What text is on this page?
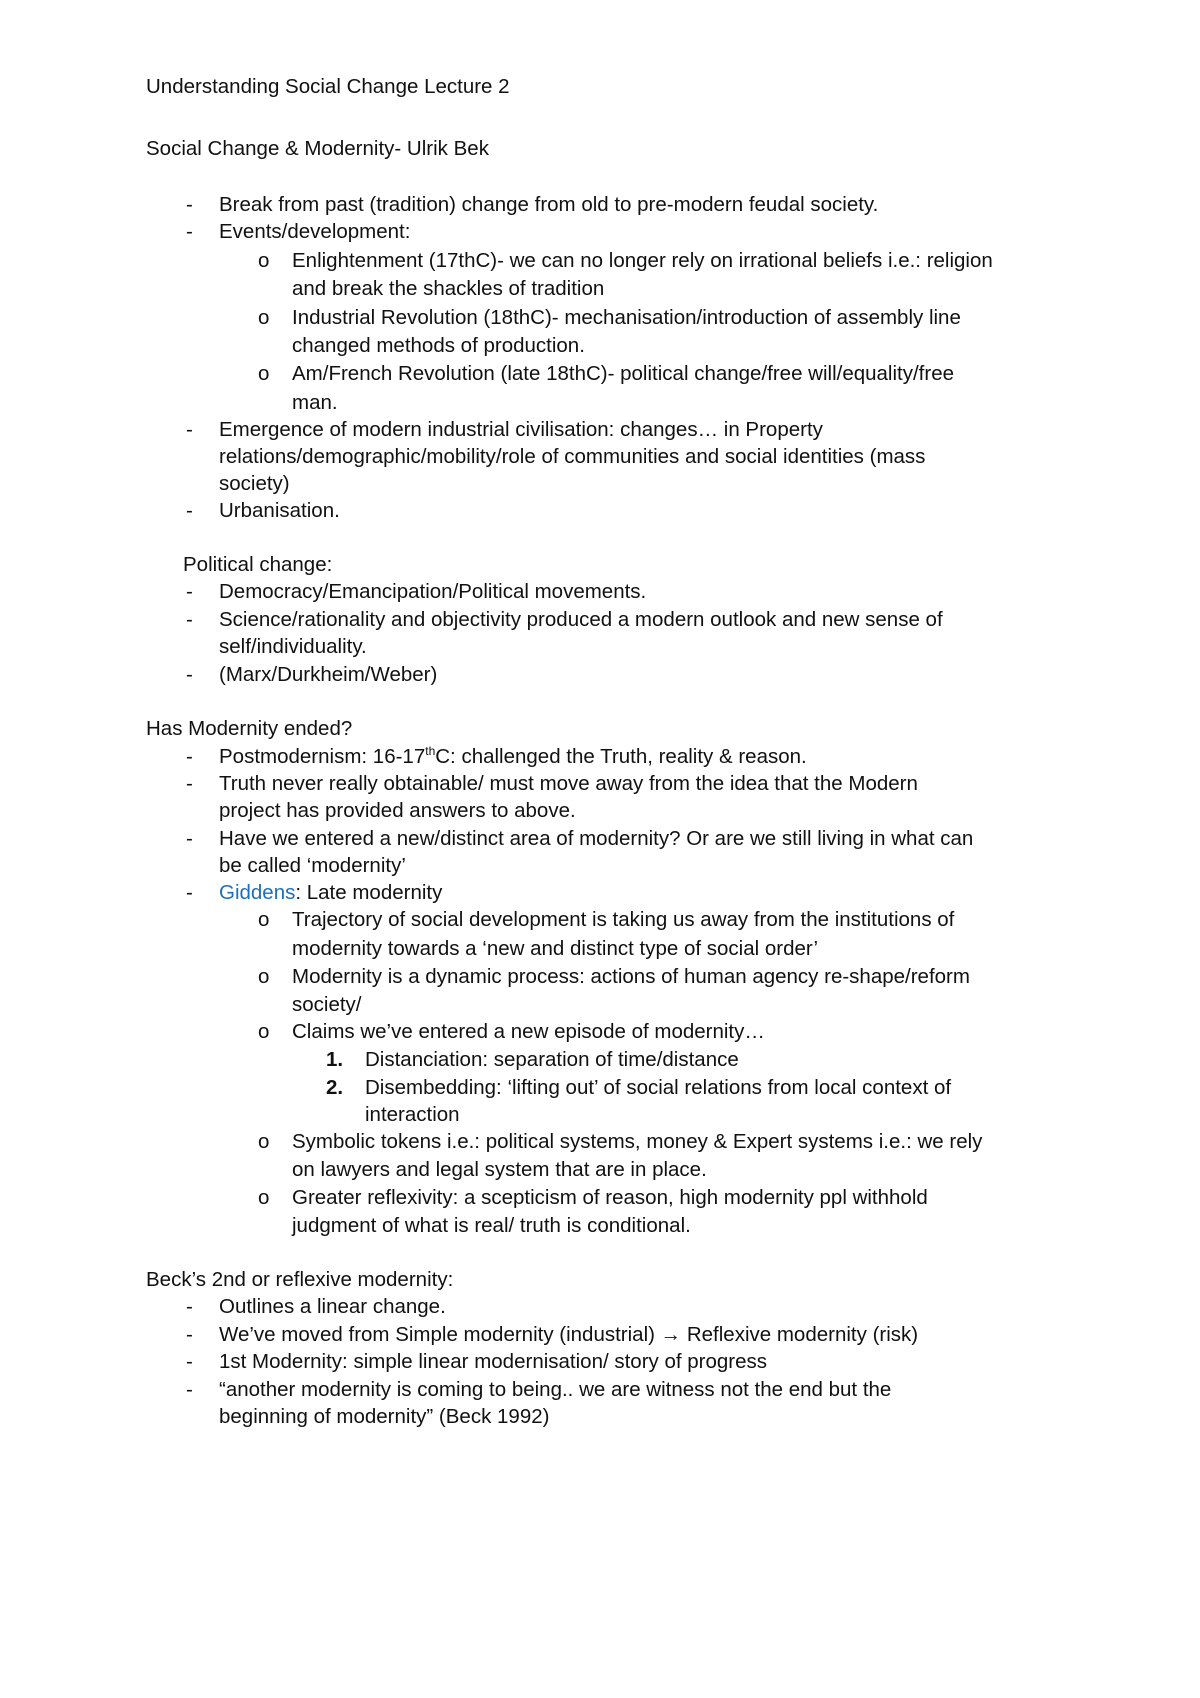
Understanding Social Change Lecture 2
Social Change & Modernity- Ulrik Bek
- Break from past (tradition) change from old to pre-modern feudal society.
- Events/development:
o Enlightenment (17thC)- we can no longer rely on irrational beliefs i.e.: religion
and break the shackles of tradition
o Industrial Revolution (18thC)- mechanisation/introduction of assembly line
changed methods of production.
o Am/French Revolution (late 18thC)- political change/free will/equality/free
man.
- Emergence of modern industrial civilisation: changes… in Property
relations/demographic/mobility/role of communities and social identities (mass
society)
- Urbanisation.
Political change:
- Democracy/Emancipation/Political movements.
- Science/rationality and objectivity produced a modern outlook and new sense of
self/individuality.
- (Marx/Durkheim/Weber)
Has Modernity ended?
- Postmodernism: 16-17thC: challenged the Truth, reality & reason.
- Truth never really obtainable/ must move away from the idea that the Modern
project has provided answers to above.
- Have we entered a new/distinct area of modernity? Or are we still living in what can
be called ‘modernity’
- Giddens: Late modernity
o Trajectory of social development is taking us away from the institutions of
modernity towards a ‘new and distinct type of social order’
o Modernity is a dynamic process: actions of human agency re-shape/reform
society/
o Claims we’ve entered a new episode of modernity…
1. Distanciation: separation of time/distance
2. Disembedding: ‘lifting out’ of social relations from local context of
interaction
o Symbolic tokens i.e.: political systems, money & Expert systems i.e.: we rely
on lawyers and legal system that are in place.
o Greater reflexivity: a scepticism of reason, high modernity ppl withhold
judgment of what is real/ truth is conditional.
Beck’s 2nd or reflexive modernity:
- Outlines a linear change.
- We’ve moved from Simple modernity (industrial) → Reflexive modernity (risk)
- 1st Modernity: simple linear modernisation/ story of progress
- “another modernity is coming to being.. we are witness not the end but the
beginning of modernity” (Beck 1992)
